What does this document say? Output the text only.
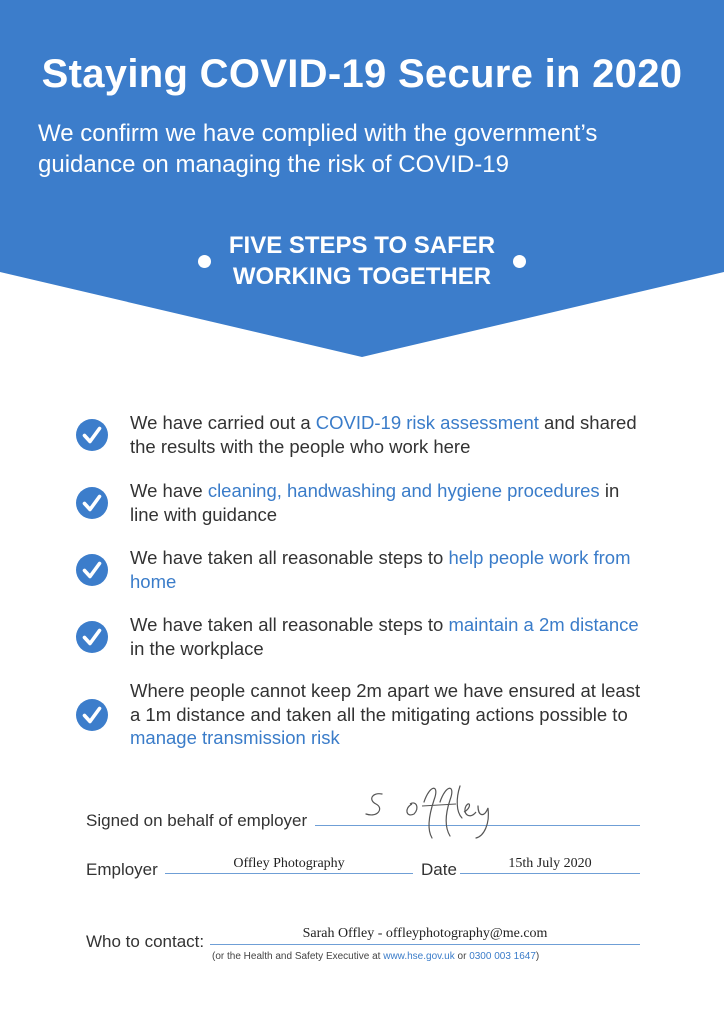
Staying COVID-19 Secure in 2020
We confirm we have complied with the government’s guidance on managing the risk of COVID-19
FIVE STEPS TO SAFER
WORKING TOGETHER
We have carried out a COVID-19 risk assessment and shared the results with the people who work here
We have cleaning, handwashing and hygiene procedures in line with guidance
We have taken all reasonable steps to help people work from home
We have taken all reasonable steps to maintain a 2m distance in the workplace
Where people cannot keep 2m apart we have ensured at least a 1m distance and taken all the mitigating actions possible to manage transmission risk
Signed on behalf of employer
Employer	Offley Photography	Date	15th July 2020
Who to contact:	Sarah Offley - offleyphotography@me.com
(or the Health and Safety Executive at www.hse.gov.uk or 0300 003 1647)
